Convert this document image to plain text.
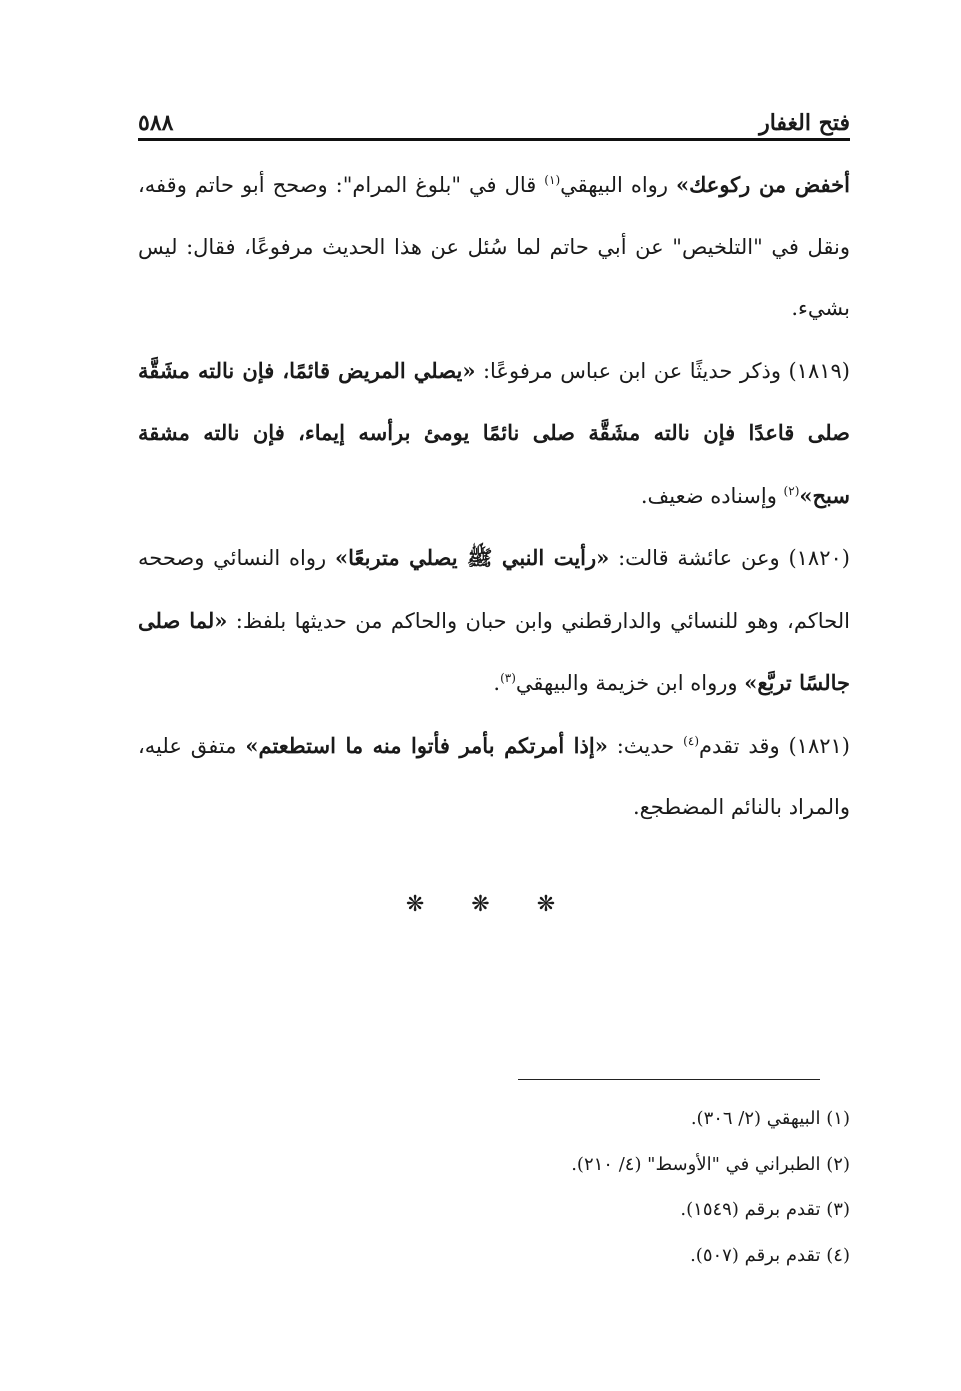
فتح الغفار
٥٨٨

أخفض من ركوعك» رواه البيهقي$^{(١)}$ قال في "بلوغ المرام": وصحح أبو حاتم وقفه، ونقل في "التلخيص" عن أبي حاتم لما سُئل عن هذا الحديث مرفوعًا، فقال: ليس بشيء.

(١٨١٩) وذكر حديثًا عن ابن عباس مرفوعًا: «يصلي المريض قائمًا، فإن نالته مشَقَّة صلى قاعدًا فإن نالته مشَقَّة صلى نائمًا يومئ برأسه إيماء، فإن نالته مشقة سبح»$^{(٢)}$ وإسناده ضعيف.

(١٨٢٠) وعن عائشة قالت: «رأيت النبي ﷺ يصلي متربعًا» رواه النسائي وصححه الحاكم، وهو للنسائي والدارقطني وابن حبان والحاكم من حديثها بلفظ: «لما صلى جالسًا تربَّع» ورواه ابن خزيمة والبيهقي$^{(٣)}$.

(١٨٢١) وقد تقدم$^{(٤)}$ حديث: «إذا أمرتكم بأمر فأتوا منه ما استطعتم» متفق عليه، والمراد بالنائم المضطجع.

❋ ❋ ❋

(١) البيهقي (٢/ ٣٠٦).

(٢) الطبراني في "الأوسط" (٤/ ٢١٠).

(٣) تقدم برقم (١٥٤٩).

(٤) تقدم برقم (٥٠٧).
